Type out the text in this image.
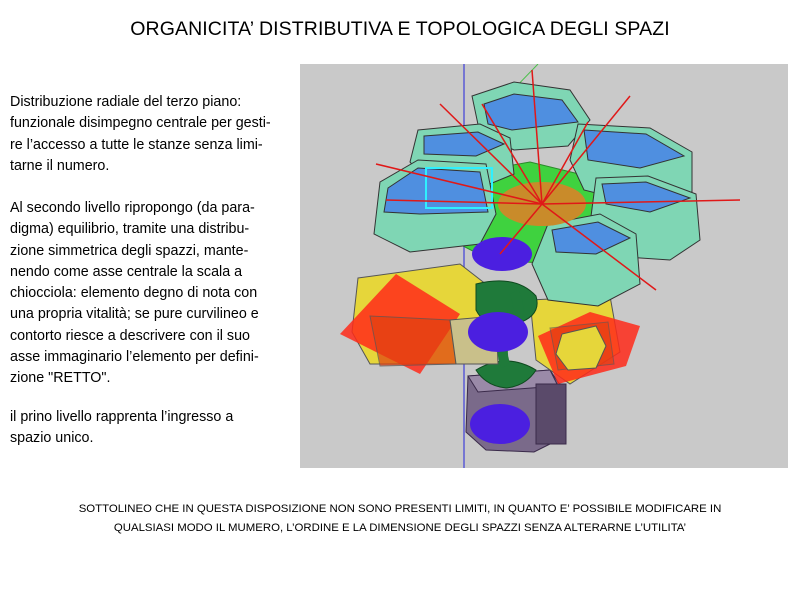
ORGANICITA’ DISTRIBUTIVA E TOPOLOGICA DEGLI SPAZI
Distribuzione radiale del terzo piano:
funzionale disimpegno centrale per gesti-
re l’accesso a tutte le stanze senza limi-
tarne il numero.
Al secondo livello ripropongo (da para-
digma) equilibrio, tramite una distribu-
zione simmetrica degli spazzi, mante-
nendo come asse centrale la scala a
chiocciola: elemento degno di nota con
una propria vitalità; se pure curvilineo e
contorto riesce a descrivere con il suo
asse immaginario l’elemento per defini-
zione "RETTO".
il prino livello rapprenta l’ingresso a
spazio unico.
SOTTOLINEO CHE IN QUESTA DISPOSIZIONE NON SONO PRESENTI LIMITI, IN QUANTO E’ POSSIBILE MODIFICARE IN
QUALSIASI MODO IL MUMERO, L’ORDINE E LA DIMENSIONE DEGLI SPAZZI SENZA ALTERARNE L’UTILITA’
